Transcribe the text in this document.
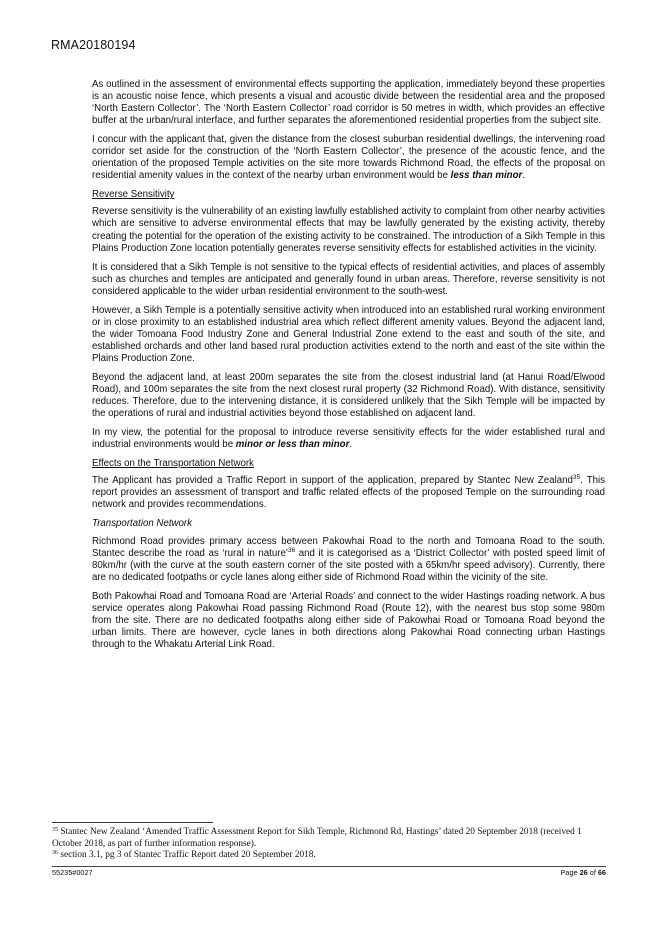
RMA20180194

As outlined in the assessment of environmental effects supporting the application, immediately beyond these properties is an acoustic noise fence, which presents a visual and acoustic divide between the residential area and the proposed ‘North Eastern Collector’. The ‘North Eastern Collector’ road corridor is 50 metres in width, which provides an effective buffer at the urban/rural interface, and further separates the aforementioned residential properties from the subject site.

I concur with the applicant that, given the distance from the closest suburban residential dwellings, the intervening road corridor set aside for the construction of the ‘North Eastern Collector’, the presence of the acoustic fence, and the orientation of the proposed Temple activities on the site more towards Richmond Road, the effects of the proposal on residential amenity values in the context of the nearby urban environment would be less than minor.

Reverse Sensitivity

Reverse sensitivity is the vulnerability of an existing lawfully established activity to complaint from other nearby activities which are sensitive to adverse environmental effects that may be lawfully generated by the existing activity, thereby creating the potential for the operation of the existing activity to be constrained. The introduction of a Sikh Temple in this Plains Production Zone location potentially generates reverse sensitivity effects for established activities in the vicinity.

It is considered that a Sikh Temple is not sensitive to the typical effects of residential activities, and places of assembly such as churches and temples are anticipated and generally found in urban areas. Therefore, reverse sensitivity is not considered applicable to the wider urban residential environment to the south-west.

However, a Sikh Temple is a potentially sensitive activity when introduced into an established rural working environment or in close proximity to an established industrial area which reflect different amenity values. Beyond the adjacent land, the wider Tomoana Food Industry Zone and General Industrial Zone extend to the east and south of the site, and established orchards and other land based rural production activities extend to the north and east of the site within the Plains Production Zone.

Beyond the adjacent land, at least 200m separates the site from the closest industrial land (at Hanui Road/Elwood Road), and 100m separates the site from the next closest rural property (32 Richmond Road). With distance, sensitivity reduces. Therefore, due to the intervening distance, it is considered unlikely that the Sikh Temple will be impacted by the operations of rural and industrial activities beyond those established on adjacent land.

In my view, the potential for the proposal to introduce reverse sensitivity effects for the wider established rural and industrial environments would be minor or less than minor.

Effects on the Transportation Network

The Applicant has provided a Traffic Report in support of the application, prepared by Stantec New Zealand$^{35}$. This report provides an assessment of transport and traffic related effects of the proposed Temple on the surrounding road network and provides recommendations.

Transportation Network

Richmond Road provides primary access between Pakowhai Road to the north and Tomoana Road to the south. Stantec describe the road as ‘rural in nature’$^{36}$ and it is categorised as a ‘District Collector’ with posted speed limit of 80km/hr (with the curve at the south eastern corner of the site posted with a 65km/hr speed advisory). Currently, there are no dedicated footpaths or cycle lanes along either side of Richmond Road within the vicinity of the site.

Both Pakowhai Road and Tomoana Road are ‘Arterial Roads’ and connect to the wider Hastings roading network. A bus service operates along Pakowhai Road passing Richmond Road (Route 12), with the nearest bus stop some 980m from the site. There are no dedicated footpaths along either side of Pakowhai Road or Tomoana Road beyond the urban limits. There are however, cycle lanes in both directions along Pakowhai Road connecting urban Hastings through to the Whakatu Arterial Link Road.

$^{35}$ Stantec New Zealand ‘Amended Traffic Assessment Report for Sikh Temple, Richmond Rd, Hastings’ dated 20 September 2018 (received 1 October 2018, as part of further information response).

$^{36}$ section 3.1, pg 3 of Stantec Traffic Report dated 20 September 2018.

55235#0027	Page 26 of 66
